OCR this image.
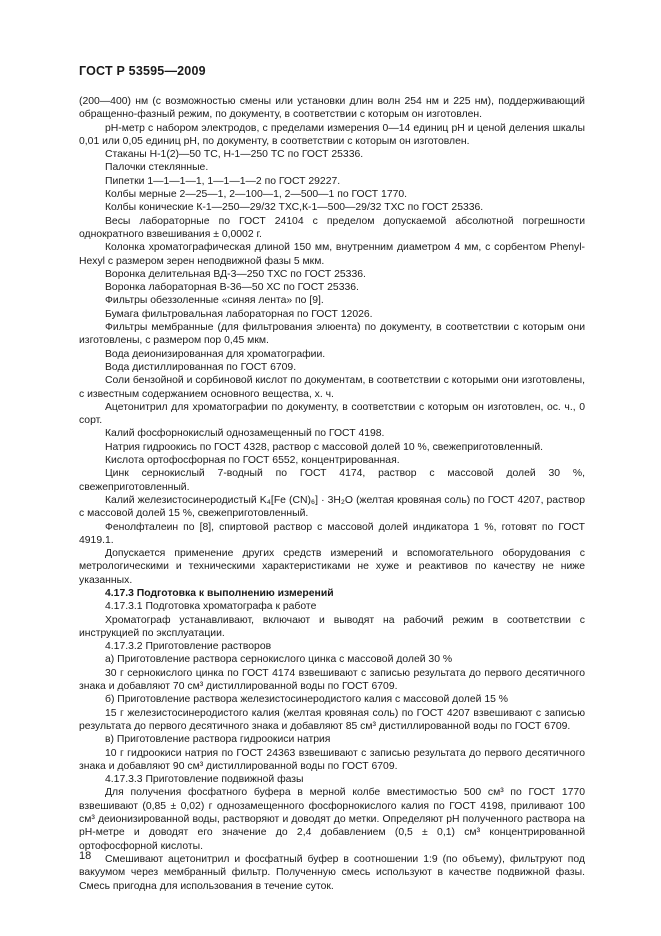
ГОСТ Р 53595—2009

(200—400) нм (с возможностью смены или установки длин волн 254 нм и 225 нм), поддерживающий обращенно-фазный режим, по документу, в соответствии с которым он изготовлен.

pH-метр с набором электродов, с пределами измерения 0—14 единиц pH и ценой деления шкалы 0,01 или 0,05 единиц pH, по документу, в соответствии с которым он изготовлен.

Стаканы Н-1(2)—50 ТС, Н-1—250 ТС по ГОСТ 25336.

Палочки стеклянные.

Пипетки 1—1—1—1, 1—1—1—2 по ГОСТ 29227.

Колбы мерные 2—25—1, 2—100—1, 2—500—1 по ГОСТ 1770.

Колбы конические К-1—250—29/32 ТХС,К-1—500—29/32 ТХС по ГОСТ 25336.

Весы лабораторные по ГОСТ 24104 с пределом допускаемой абсолютной погрешности однократного взвешивания ± 0,0002 г.

Колонка хроматографическая длиной 150 мм, внутренним диаметром 4 мм, с сорбентом Phenyl-Hexyl с размером зерен неподвижной фазы 5 мкм.

Воронка делительная ВД-3—250 ТХС по ГОСТ 25336.

Воронка лабораторная В-36—50 ХС по ГОСТ 25336.

Фильтры обеззоленные «синяя лента» по [9].

Бумага фильтровальная лабораторная по ГОСТ 12026.

Фильтры мембранные (для фильтрования элюента) по документу, в соответствии с которым они изготовлены, с размером пор 0,45 мкм.

Вода деионизированная для хроматографии.

Вода дистиллированная по ГОСТ 6709.

Соли бензойной и сорбиновой кислот по документам, в соответствии с которыми они изготовлены, с известным содержанием основного вещества, х. ч.

Ацетонитрил для хроматографии по документу, в соответствии с которым он изготовлен, ос. ч., 0 сорт.

Калий фосфорнокислый однозамещенный по ГОСТ 4198.

Натрия гидроокись по ГОСТ 4328, раствор с массовой долей 10 %, свежеприготовленный.

Кислота ортофосфорная по ГОСТ 6552, концентрированная.

Цинк сернокислый 7-водный по ГОСТ 4174, раствор с массовой долей 30 %, свежеприготовленный.

Калий железистосинеродистый K₄[Fe (CN)₆] · 3H₂O (желтая кровяная соль) по ГОСТ 4207, раствор с массовой долей 15 %, свежеприготовленный.

Фенолфталеин по [8], спиртовой раствор с массовой долей индикатора 1 %, готовят по ГОСТ 4919.1.

Допускается применение других средств измерений и вспомогательного оборудования с метрологическими и техническими характеристиками не хуже и реактивов по качеству не ниже указанных.

4.17.3 Подготовка к выполнению измерений

4.17.3.1 Подготовка хроматографа к работе

Хроматограф устанавливают, включают и выводят на рабочий режим в соответствии с инструкцией по эксплуатации.

4.17.3.2 Приготовление растворов

а) Приготовление раствора сернокислого цинка с массовой долей 30 %

30 г сернокислого цинка по ГОСТ 4174 взвешивают с записью результата до первого десятичного знака и добавляют 70 см³ дистиллированной воды по ГОСТ 6709.

б) Приготовление раствора железистосинеродистого калия с массовой долей 15 %

15 г железистосинеродистого калия (желтая кровяная соль) по ГОСТ 4207 взвешивают с записью результата до первого десятичного знака и добавляют 85 см³ дистиллированной воды по ГОСТ 6709.

в) Приготовление раствора гидроокиси натрия

10 г гидроокиси натрия по ГОСТ 24363 взвешивают с записью результата до первого десятичного знака и добавляют 90 см³ дистиллированной воды по ГОСТ 6709.

4.17.3.3 Приготовление подвижной фазы

Для получения фосфатного буфера в мерной колбе вместимостью 500 см³ по ГОСТ 1770 взвешивают (0,85 ± 0,02) г однозамещенного фосфорнокислого калия по ГОСТ 4198, приливают 100 см³ деионизированной воды, растворяют и доводят до метки. Определяют pH полученного раствора на pH-метре и доводят его значение до 2,4 добавлением (0,5 ± 0,1) см³ концентрированной ортофосфорной кислоты.

Смешивают ацетонитрил и фосфатный буфер в соотношении 1:9 (по объему), фильтруют под вакуумом через мембранный фильтр. Полученную смесь используют в качестве подвижной фазы. Смесь пригодна для использования в течение суток.

18
